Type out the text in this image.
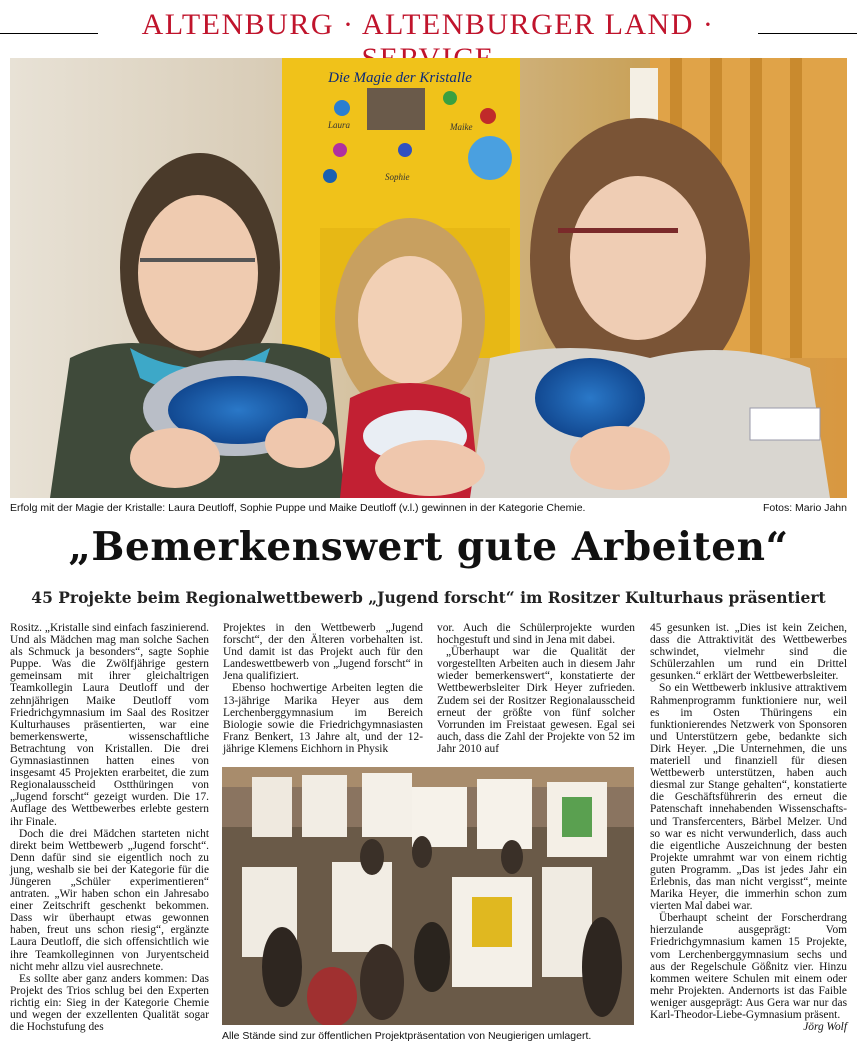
ALTENBURG · ALTENBURGER LAND ·
Die Magie der Kristalle
Laura	Maike
Sophie
Erfolg mit der Magie der Kristalle: Laura Deutloff, Sophie Puppe und Maike Deutloff (v.l.) gewinnen in der Kategorie Chemie.	Fotos: Mario Jahn
„Bemerkenswert gute Arbeiten“
45 Projekte beim Regionalwettbewerb „Jugend forscht“ im Rositzer Kulturhaus präsentiert

Rositz. „Kristalle sind einfach faszinierend. Und als Mädchen mag man solche Sachen als Schmuck ja besonders“, sagte Sophie Puppe. Was die Zwölfjährige gestern gemeinsam mit ihrer gleichaltrigen Teamkollegin Laura Deutloff und der zehnjährigen Maike Deutloff vom Friedrichgymnasium im Saal des Rositzer Kulturhauses präsentierten, war eine bemerkenswerte, wissenschaftliche Betrachtung von Kristallen. Die drei Gymnasiastinnen hatten eines von insgesamt 45 Projekten erarbeitet, die zum Regionalausscheid Ostthüringen von „Jugend forscht“ gezeigt wurden. Die 17. Auflage des Wettbewerbes erlebte gestern ihr Finale.

Doch die drei Mädchen starteten nicht direkt beim Wettbewerb „Jugend forscht“. Denn dafür sind sie eigentlich noch zu jung, weshalb sie bei der Kategorie für die Jüngeren „Schüler experimentieren“ antraten. „Wir haben schon ein Jahresabo einer Zeitschrift geschenkt bekommen. Dass wir überhaupt etwas gewonnen haben, freut uns schon riesig“, ergänzte Laura Deutloff, die sich offensichtlich wie ihre Teamkolleginnen von Juryentscheid nicht mehr allzu viel ausrechnete.

Es sollte aber ganz anders kommen: Das Projekt des Trios schlug bei den Experten richtig ein: Sieg in der Kategorie Chemie und wegen der exzellenten Qualität sogar die Hochstufung des

Projektes in den Wettbewerb „Jugend forscht“, der den Älteren vorbehalten ist. Und damit ist das Projekt auch für den Landeswettbewerb von „Jugend forscht“ in Jena qualifiziert.

Ebenso hochwertige Arbeiten legten die 13-jährige Marika Heyer aus dem Lerchenberggymnasium im Bereich Biologie sowie die Friedrichgymnasiasten Franz Benkert, 13 Jahre alt, und der 12-jährige Klemens Eichhorn in Physik

vor. Auch die Schülerprojekte wurden hochgestuft und sind in Jena mit dabei.

„Überhaupt war die Qualität der vorgestellten Arbeiten auch in diesem Jahr wieder bemerkenswert“, konstatierte der Wettbewerbsleiter Dirk Heyer zufrieden. Zudem sei der Rositzer Regionalausscheid erneut der größte von fünf solcher Vorrunden im Freistaat gewesen. Egal sei auch, dass die Zahl der Projekte von 52 im Jahr 2010 auf

45 gesunken ist. „Dies ist kein Zeichen, dass die Attraktivität des Wettbewerbes schwindet, vielmehr sind die Schülerzahlen um rund ein Drittel gesunken.“ erklärt der Wettbewerbsleiter.

So ein Wettbewerb inklusive attraktivem Rahmenprogramm funktioniere nur, weil es im Osten Thüringens ein funktionierendes Netzwerk von Sponsoren und Unterstützern gebe, bedankte sich Dirk Heyer. „Die Unternehmen, die uns materiell und finanziell für diesen Wettbewerb unterstützen, haben auch diesmal zur Stange gehalten“, konstatierte die Geschäftsführerin des erneut die Patenschaft innehabenden Wissenschafts- und Transfercenters, Bärbel Melzer. Und so war es nicht verwunderlich, dass auch die eigentliche Auszeichnung der besten Projekte umrahmt war von einem richtig guten Programm. „Das ist jedes Jahr ein Erlebnis, das man nicht vergisst“, meinte Marika Heyer, die immerhin schon zum vierten Mal dabei war.

Überhaupt scheint der Forscherdrang hierzulande ausgeprägt: Vom Friedrichgymnasium kamen 15 Projekte, vom Lerchenberggymnasium sechs und aus der Regelschule Gößnitz vier. Hinzu kommen weitere Schulen mit einem oder mehr Projekten. Andernorts ist das Faible weniger ausgeprägt: Aus Gera war nur das Karl-Theodor-Liebe-Gymnasium präsent.

Jörg Wolf
Alle Stände sind zur öffentlichen Projektpräsentation von Neugierigen umlagert.
